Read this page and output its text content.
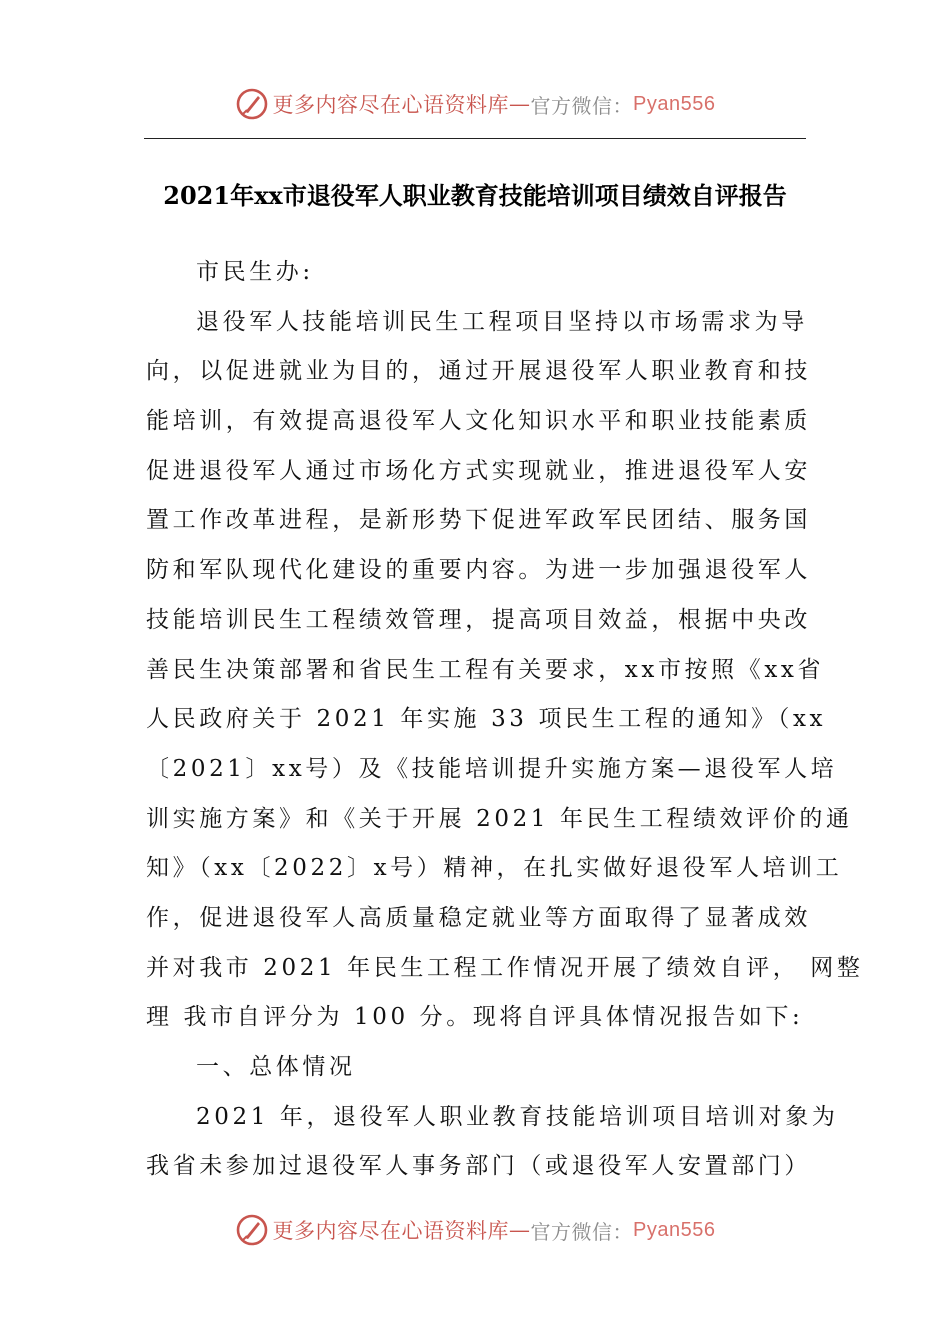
更多内容尽在心语资料库 — 官方微信： Pyan556
2021年xx市退役军人职业教育技能培训项目绩效自评报告
市民生办:
退役军人技能培训民生工程项目坚持以市场需求为导
向，以促进就业为目的，通过开展退役军人职业教育和技
能培训，有效提高退役军人文化知识水平和职业技能素质
促进退役军人通过市场化方式实现就业，推进退役军人安
置工作改革进程，是新形势下促进军政军民团结、服务国
防和军队现代化建设的重要内容。为进一步加强退役军人
技能培训民生工程绩效管理，提高项目效益，根据中央改
善民生决策部署和省民生工程有关要求，xx市按照《xx省
人民政府关于 2021 年实施 33 项民生工程的通知》（xx
〔2021〕xx号）及《技能培训提升实施方案—退役军人培
训实施方案》和《关于开展 2021 年民生工程绩效评价的通
知》（xx〔2022〕x号）精神，在扎实做好退役军人培训工
作，促进退役军人高质量稳定就业等方面取得了显著成效
并对我市 2021 年民生工程工作情况开展了绩效自评， 网整
理 我市自评分为 100 分。现将自评具体情况报告如下:
一、总体情况
2021 年，退役军人职业教育技能培训项目培训对象为
我省未参加过退役军人事务部门（或退役军人安置部门）
更多内容尽在心语资料库 — 官方微信： Pyan556
